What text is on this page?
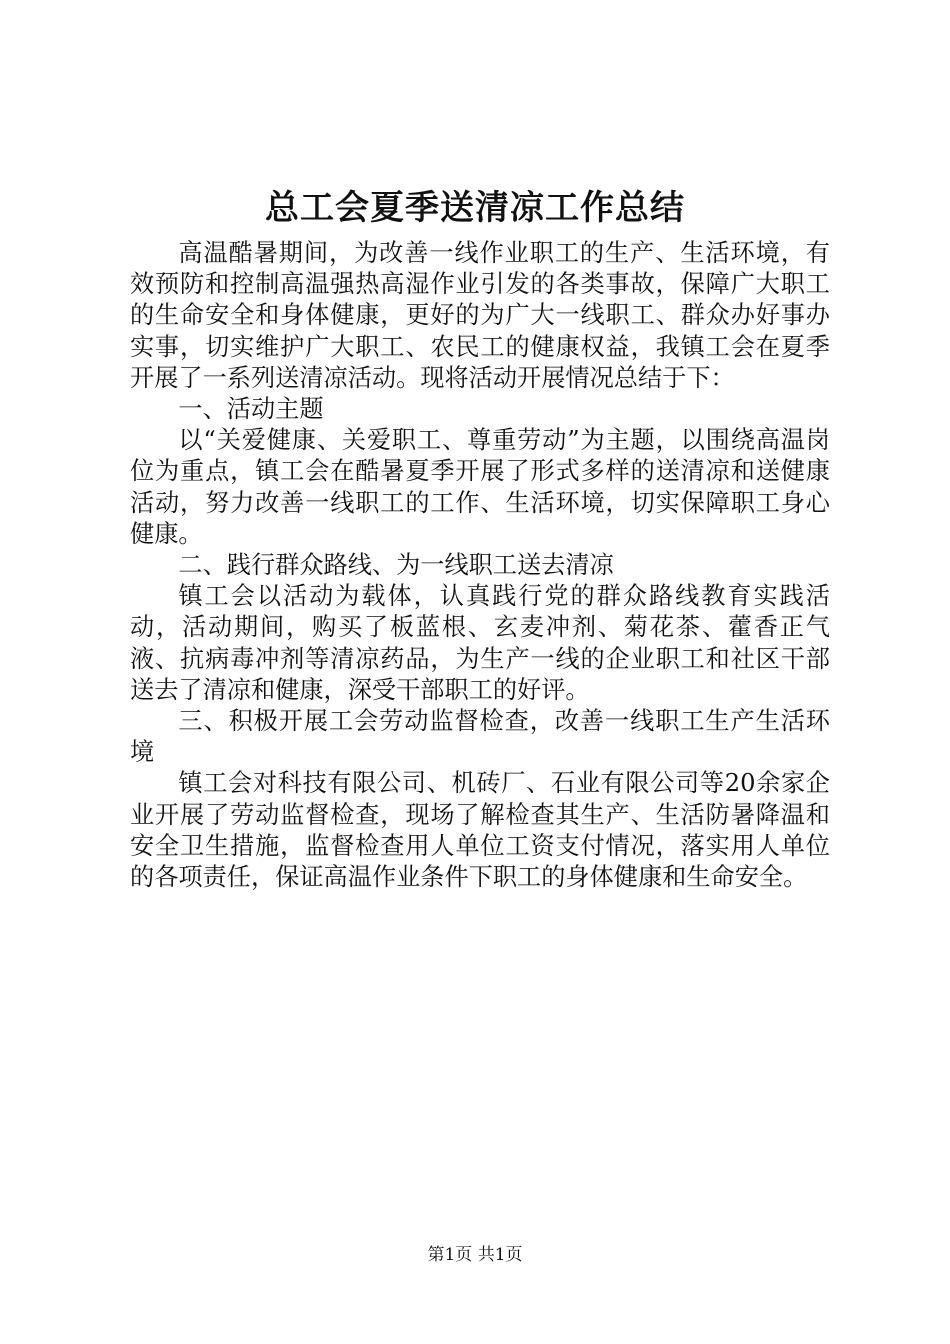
总工会夏季送清凉工作总结

高温酷暑期间，为改善一线作业职工的生产、生活环境，有效预防和控制高温强热高湿作业引发的各类事故，保障广大职工的生命安全和身体健康，更好的为广大一线职工、群众办好事办实事，切实维护广大职工、农民工的健康权益，我镇工会在夏季开展了一系列送清凉活动。现将活动开展情况总结于下：

一、活动主题

以“关爱健康、关爱职工、尊重劳动”为主题，以围绕高温岗位为重点，镇工会在酷暑夏季开展了形式多样的送清凉和送健康活动，努力改善一线职工的工作、生活环境，切实保障职工身心健康。

二、践行群众路线、为一线职工送去清凉

镇工会以活动为载体，认真践行党的群众路线教育实践活动，活动期间，购买了板蓝根、玄麦冲剂、菊花茶、藿香正气液、抗病毒冲剂等清凉药品，为生产一线的企业职工和社区干部送去了清凉和健康，深受干部职工的好评。

三、积极开展工会劳动监督检查，改善一线职工生产生活环境

镇工会对科技有限公司、机砖厂、石业有限公司等20余家企业开展了劳动监督检查，现场了解检查其生产、生活防暑降温和安全卫生措施，监督检查用人单位工资支付情况，落实用人单位的各项责任，保证高温作业条件下职工的身体健康和生命安全。

第1页 共1页
